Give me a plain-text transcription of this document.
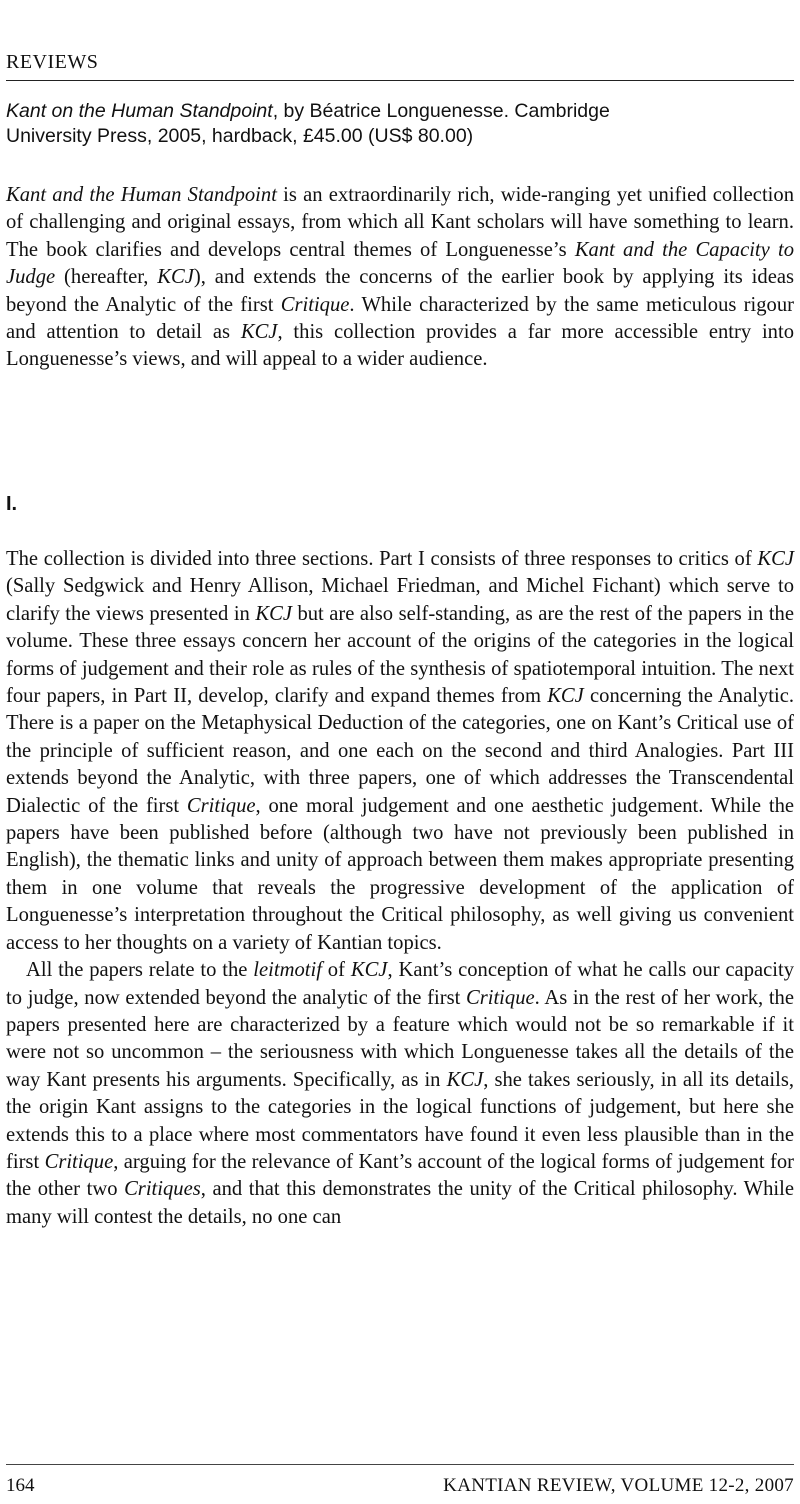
REVIEWS
Kant on the Human Standpoint, by Béatrice Longuenesse. Cambridge
University Press, 2005, hardback, £45.00 (US$ 80.00)

Kant and the Human Standpoint is an extraordinarily rich, wide-ranging yet unified collection of challenging and original essays, from which all Kant scholars will have something to learn. The book clarifies and develops central themes of Longuenesse’s Kant and the Capacity to Judge (hereafter, KCJ), and extends the concerns of the earlier book by applying its ideas beyond the Analytic of the first Critique. While characterized by the same meticulous rigour and attention to detail as KCJ, this collection provides a far more accessible entry into Longuenesse’s views, and will appeal to a wider audience.

I.

The collection is divided into three sections. Part I consists of three responses to critics of KCJ (Sally Sedgwick and Henry Allison, Michael Friedman, and Michel Fichant) which serve to clarify the views presented in KCJ but are also self-standing, as are the rest of the papers in the volume. These three essays concern her account of the origins of the categories in the logical forms of judgement and their role as rules of the synthesis of spatiotemporal intuition. The next four papers, in Part II, develop, clarify and expand themes from KCJ concerning the Analytic. There is a paper on the Metaphysical Deduction of the categories, one on Kant’s Critical use of the principle of sufficient reason, and one each on the second and third Analogies. Part III extends beyond the Analytic, with three papers, one of which addresses the Transcendental Dialectic of the first Critique, one moral judgement and one aesthetic judgement. While the papers have been published before (although two have not previously been published in English), the thematic links and unity of approach between them makes appropriate presenting them in one volume that reveals the progressive development of the application of Longuenesse’s interpretation throughout the Critical philosophy, as well giving us convenient access to her thoughts on a variety of Kantian topics.

All the papers relate to the leitmotif of KCJ, Kant’s conception of what he calls our capacity to judge, now extended beyond the analytic of the first Critique. As in the rest of her work, the papers presented here are characterized by a feature which would not be so remarkable if it were not so uncommon – the seriousness with which Longuenesse takes all the details of the way Kant presents his arguments. Specifically, as in KCJ, she takes seriously, in all its details, the origin Kant assigns to the categories in the logical functions of judgement, but here she extends this to a place where most commentators have found it even less plausible than in the first Critique, arguing for the relevance of Kant’s account of the logical forms of judgement for the other two Critiques, and that this demonstrates the unity of the Critical philosophy. While many will contest the details, no one can

164	KANTIAN REVIEW, VOLUME 12-2, 2007
